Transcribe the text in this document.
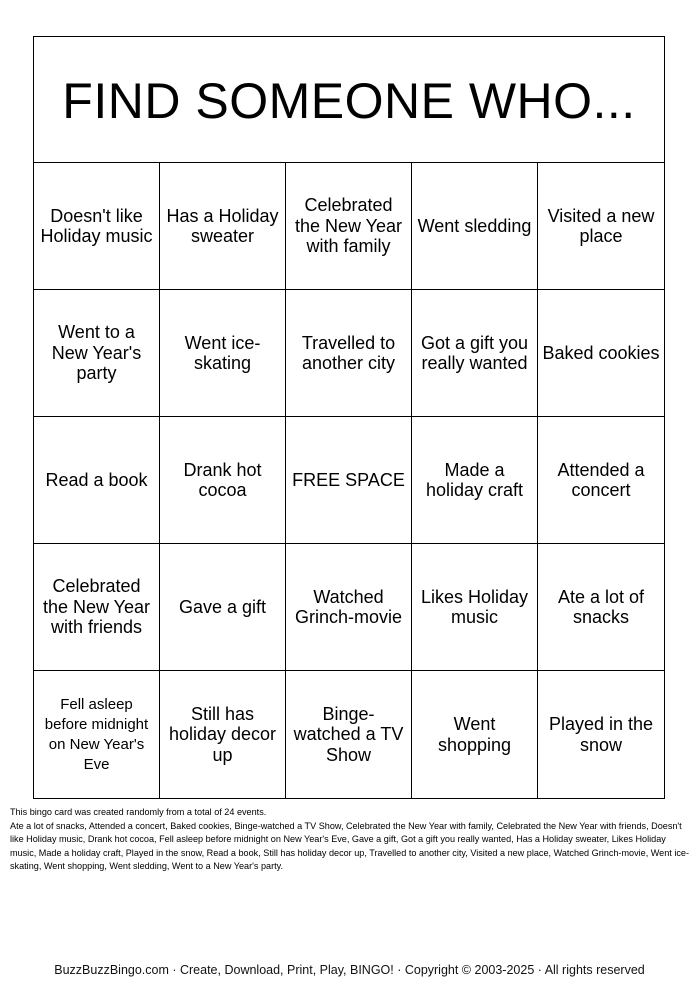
FIND SOMEONE WHO...
Doesn't like Holiday music
Has a Holiday sweater
Celebrated the New Year with family
Went sledding
Visited a new place
Went to a New Year's party
Went ice-skating
Travelled to another city
Got a gift you really wanted
Baked cookies
Read a book
Drank hot cocoa
FREE SPACE
Made a holiday craft
Attended a concert
Celebrated the New Year with friends
Gave a gift
Watched Grinch-movie
Likes Holiday music
Ate a lot of snacks
Fell asleep before midnight on New Year's Eve
Still has holiday decor up
Binge-watched a TV Show
Went shopping
Played in the snow
This bingo card was created randomly from a total of 24 events.
Ate a lot of snacks, Attended a concert, Baked cookies, Binge-watched a TV Show, Celebrated the New Year with family, Celebrated the New Year with friends, Doesn't like Holiday music, Drank hot cocoa, Fell asleep before midnight on New Year's Eve, Gave a gift, Got a gift you really wanted, Has a Holiday sweater, Likes Holiday music, Made a holiday craft, Played in the snow, Read a book, Still has holiday decor up, Travelled to another city, Visited a new place, Watched Grinch-movie, Went ice-skating, Went shopping, Went sledding, Went to a New Year's party.
BuzzBuzzBingo.com · Create, Download, Print, Play, BINGO! · Copyright © 2003-2025 · All rights reserved
